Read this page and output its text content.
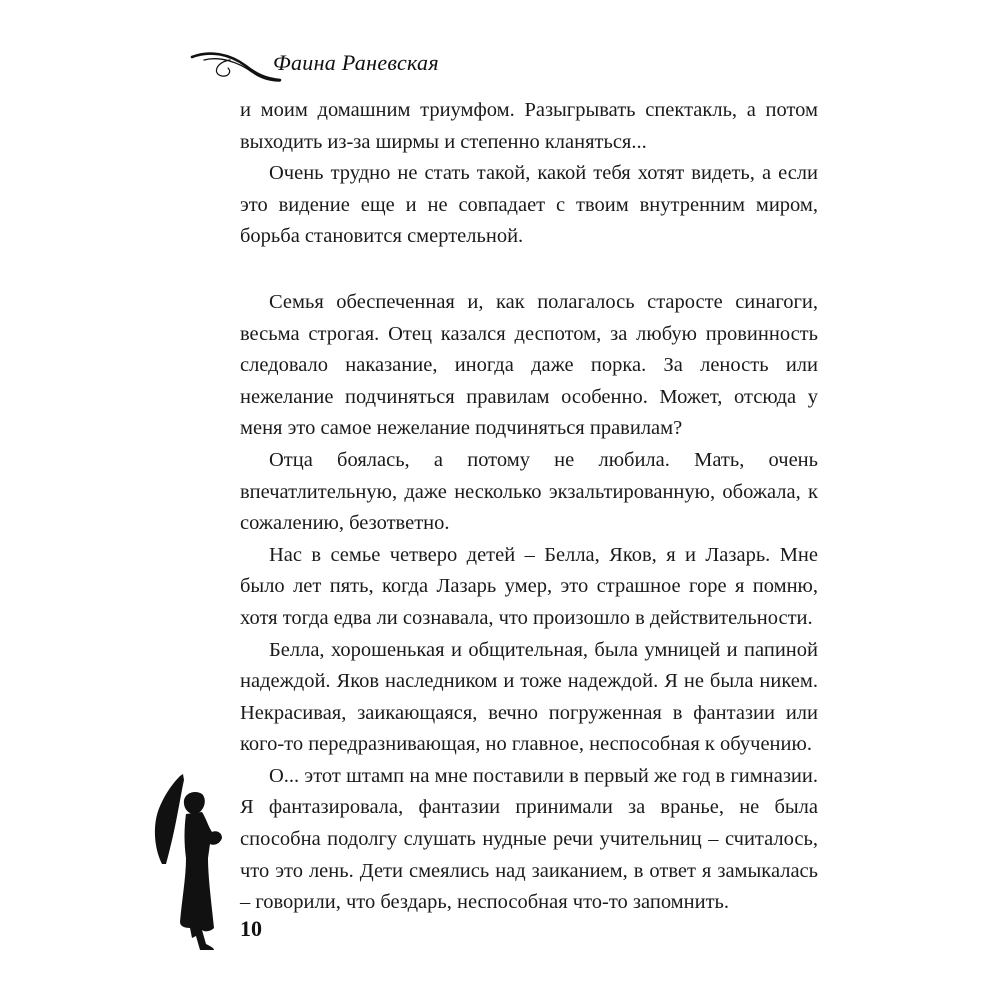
Фаина Раневская

и моим домашним триумфом. Разыгрывать спектакль, а потом выходить из-за ширмы и степенно кланяться...

Очень трудно не стать такой, какой тебя хотят видеть, а если это видение еще и не совпадает с твоим внутренним миром, борьба становится смертельной.

Семья обеспеченная и, как полагалось старосте синагоги, весьма строгая. Отец казался деспотом, за любую провинность следовало наказание, иногда даже порка. За леность или нежелание подчиняться правилам особенно. Может, отсюда у меня это самое нежелание подчиняться правилам?

Отца боялась, а потому не любила. Мать, очень впечатлительную, даже несколько экзальтированную, обожала, к сожалению, безответно.

Нас в семье четверо детей – Белла, Яков, я и Лазарь. Мне было лет пять, когда Лазарь умер, это страшное горе я помню, хотя тогда едва ли сознавала, что произошло в действительности.

Белла, хорошенькая и общительная, была умницей и папиной надеждой. Яков наследником и тоже надеждой. Я не была никем. Некрасивая, заикающаяся, вечно погруженная в фантазии или кого-то передразнивающая, но главное, неспособная к обучению.

О... этот штамп на мне поставили в первый же год в гимназии. Я фантазировала, фантазии принимали за вранье, не была способна подолгу слушать нудные речи учительниц – считалось, что это лень. Дети смеялись над заиканием, в ответ я замыкалась – говорили, что бездарь, неспособная что-то запомнить.

10
